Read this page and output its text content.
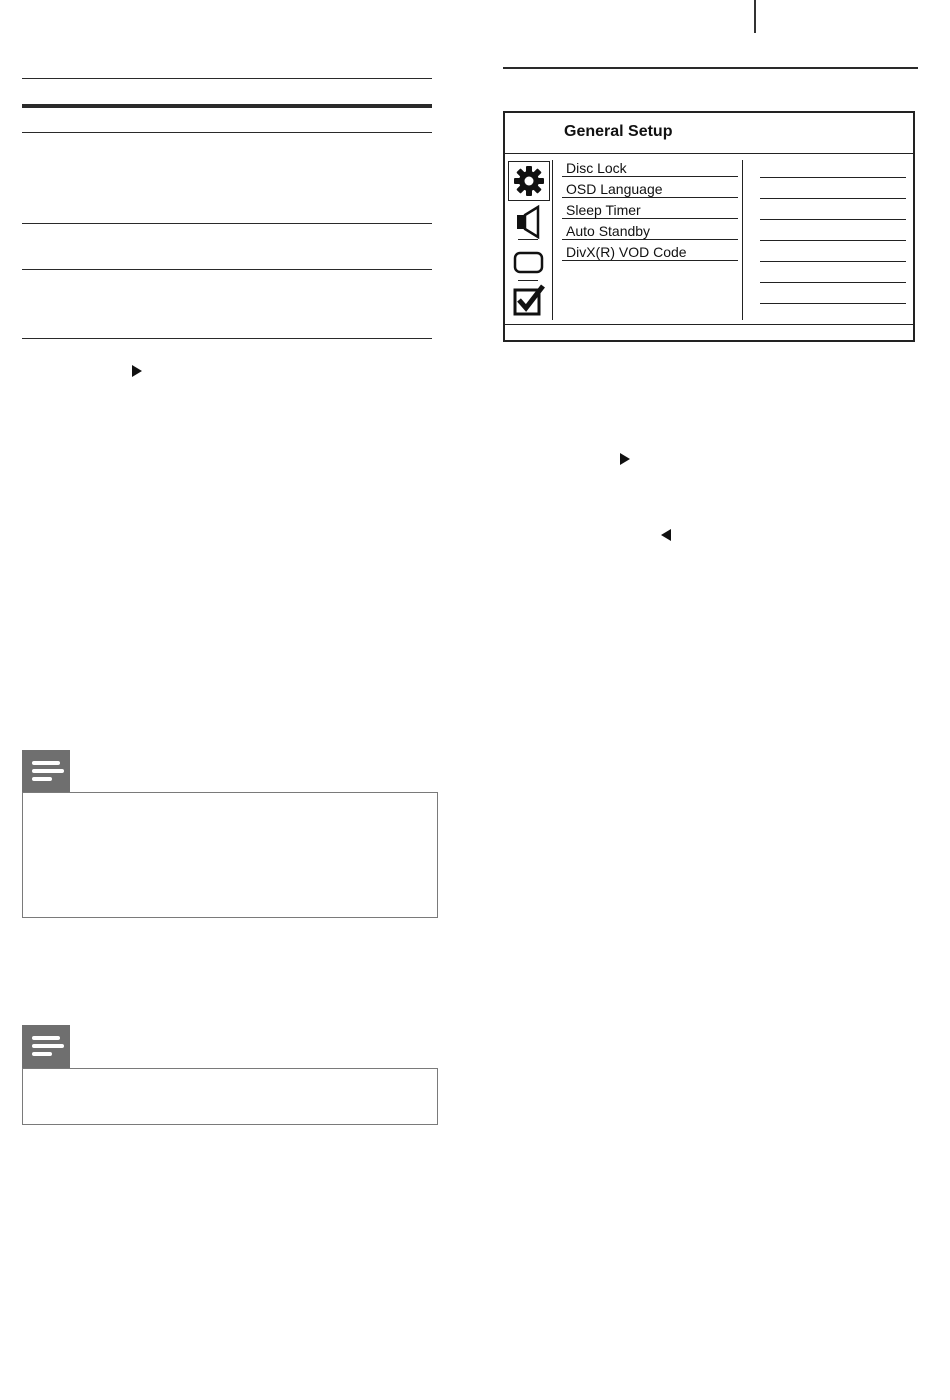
General Setup
Disc Lock
OSD Language
Sleep Timer
Auto Standby
DivX(R) VOD Code
